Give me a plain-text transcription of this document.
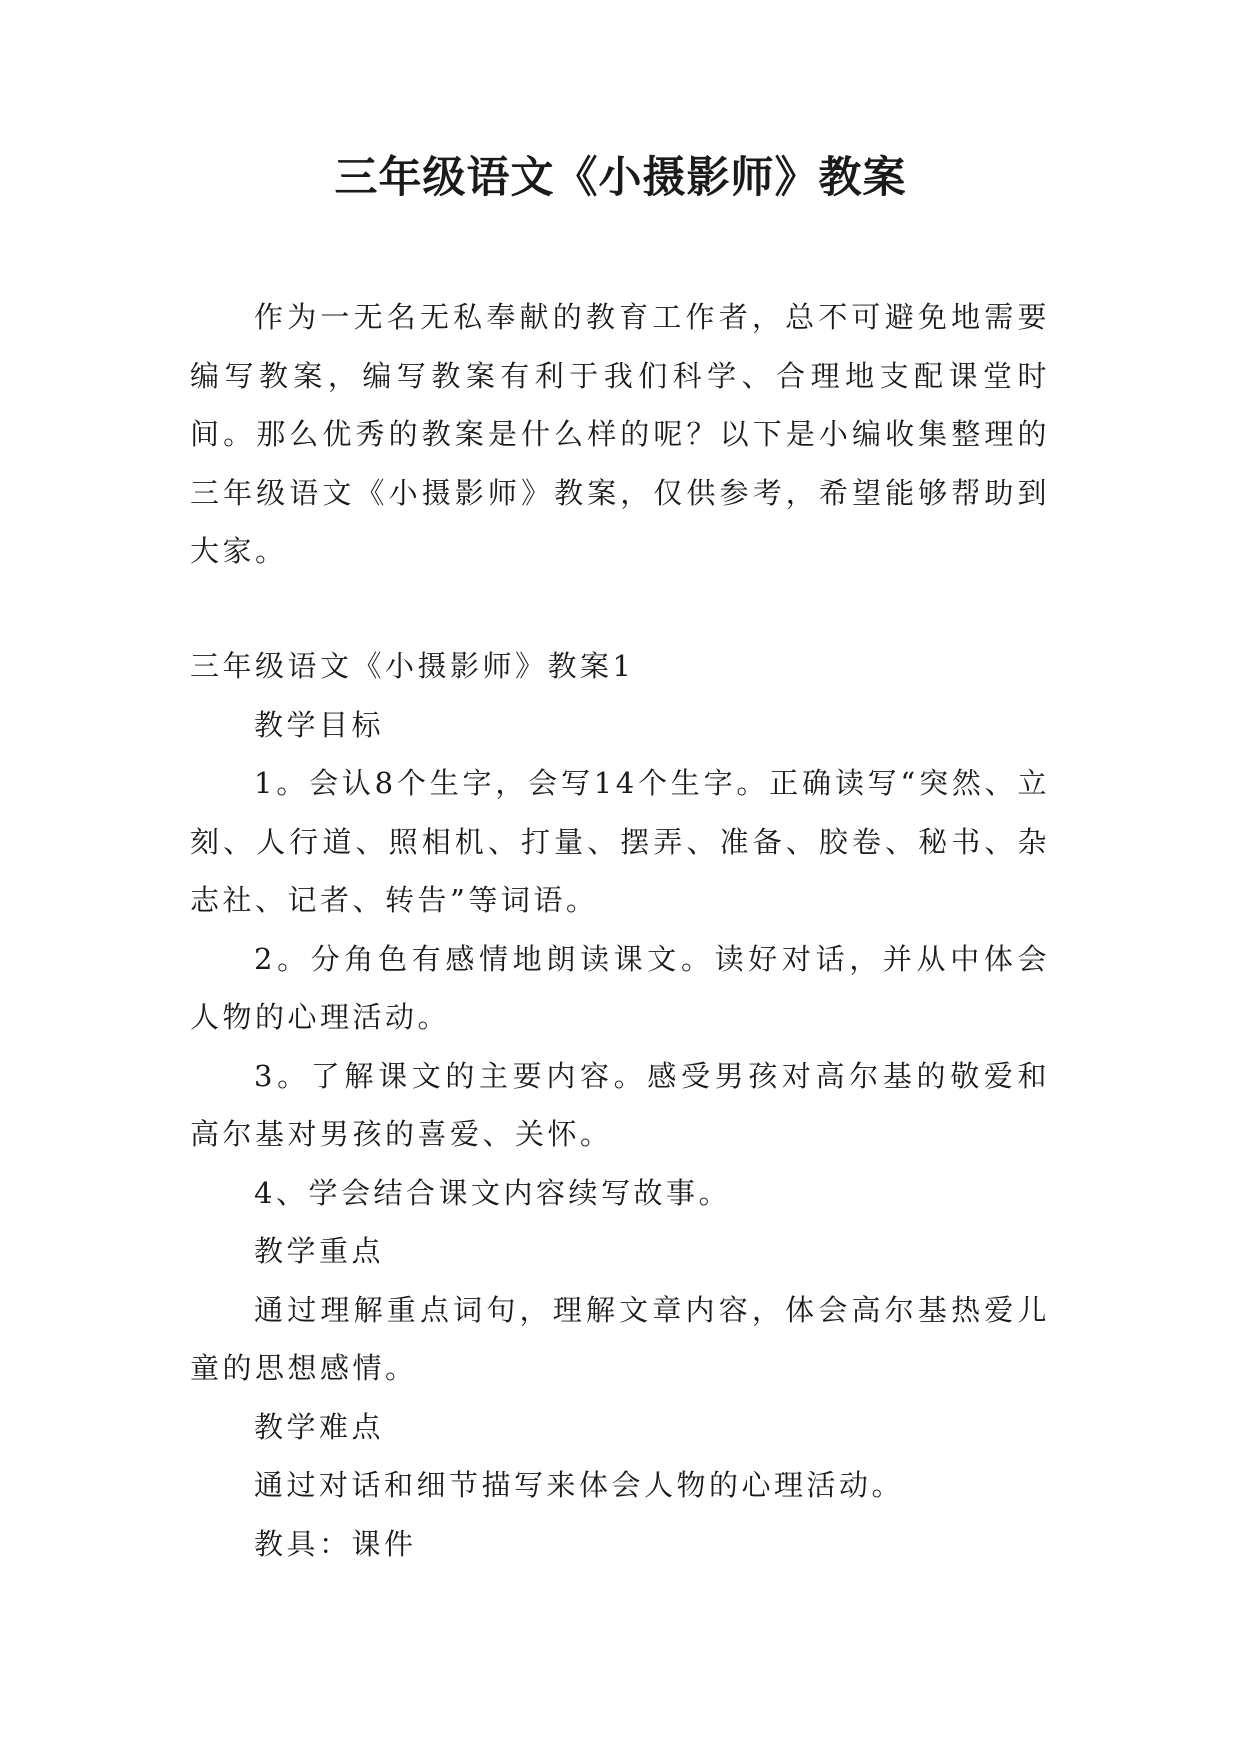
三年级语文《小摄影师》教案

作为一无名无私奉献的教育工作者，总不可避免地需要编写教案，编写教案有利于我们科学、合理地支配课堂时间。那么优秀的教案是什么样的呢？以下是小编收集整理的三年级语文《小摄影师》教案，仅供参考，希望能够帮助到大家。

三年级语文《小摄影师》教案1

教学目标

1。会认8个生字，会写14个生字。正确读写“突然、立刻、人行道、照相机、打量、摆弄、准备、胶卷、秘书、杂志社、记者、转告”等词语。

2。分角色有感情地朗读课文。读好对话，并从中体会人物的心理活动。

3。了解课文的主要内容。感受男孩对高尔基的敬爱和高尔基对男孩的喜爱、关怀。

4、学会结合课文内容续写故事。

教学重点

通过理解重点词句，理解文章内容，体会高尔基热爱儿童的思想感情。

教学难点

通过对话和细节描写来体会人物的心理活动。

教具：课件
